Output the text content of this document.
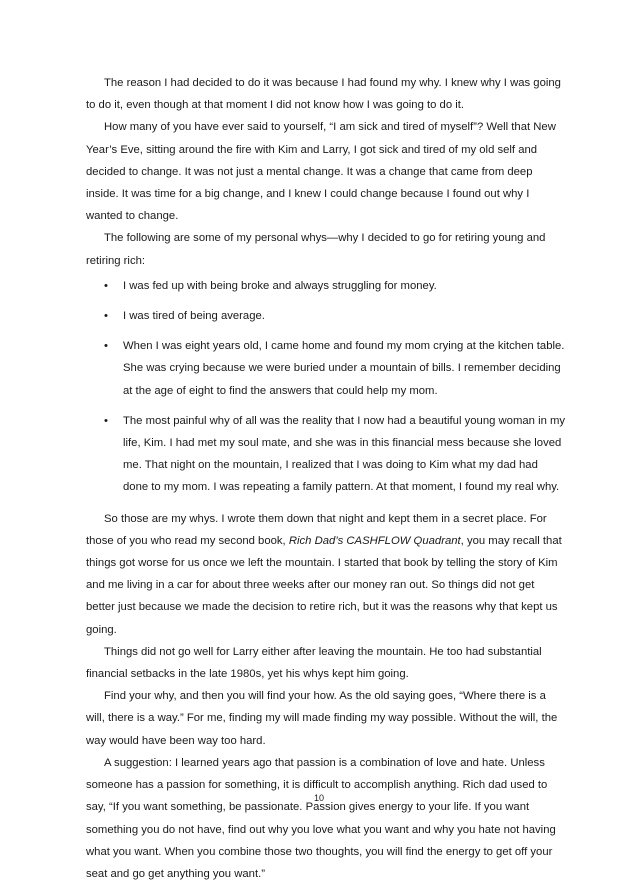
The reason I had decided to do it was because I had found my why. I knew why I was going to do it, even though at that moment I did not know how I was going to do it.

How many of you have ever said to yourself, “I am sick and tired of myself”? Well that New Year’s Eve, sitting around the fire with Kim and Larry, I got sick and tired of my old self and decided to change. It was not just a mental change. It was a change that came from deep inside. It was time for a big change, and I knew I could change because I found out why I wanted to change.

The following are some of my personal whys—why I decided to go for retiring young and retiring rich:

• I was fed up with being broke and always struggling for money.
• I was tired of being average.
• When I was eight years old, I came home and found my mom crying at the kitchen table. She was crying because we were buried under a mountain of bills. I remember deciding at the age of eight to find the answers that could help my mom.
• The most painful why of all was the reality that I now had a beautiful young woman in my life, Kim. I had met my soul mate, and she was in this financial mess because she loved me. That night on the mountain, I realized that I was doing to Kim what my dad had done to my mom. I was repeating a family pattern. At that moment, I found my real why.

So those are my whys. I wrote them down that night and kept them in a secret place. For those of you who read my second book, Rich Dad’s CASHFLOW Quadrant, you may recall that things got worse for us once we left the mountain. I started that book by telling the story of Kim and me living in a car for about three weeks after our money ran out. So things did not get better just because we made the decision to retire rich, but it was the reasons why that kept us going.

Things did not go well for Larry either after leaving the mountain. He too had substantial financial setbacks in the late 1980s, yet his whys kept him going.

Find your why, and then you will find your how. As the old saying goes, “Where there is a will, there is a way.” For me, finding my will made finding my way possible. Without the will, the way would have been way too hard.

A suggestion: I learned years ago that passion is a combination of love and hate. Unless someone has a passion for something, it is difficult to accomplish anything. Rich dad used to say, “If you want something, be passionate. Passion gives energy to your life. If you want something you do not have, find out why you love what you want and why you hate not having what you want. When you combine those two thoughts, you will find the energy to get off your seat and go get anything you want.”

10
